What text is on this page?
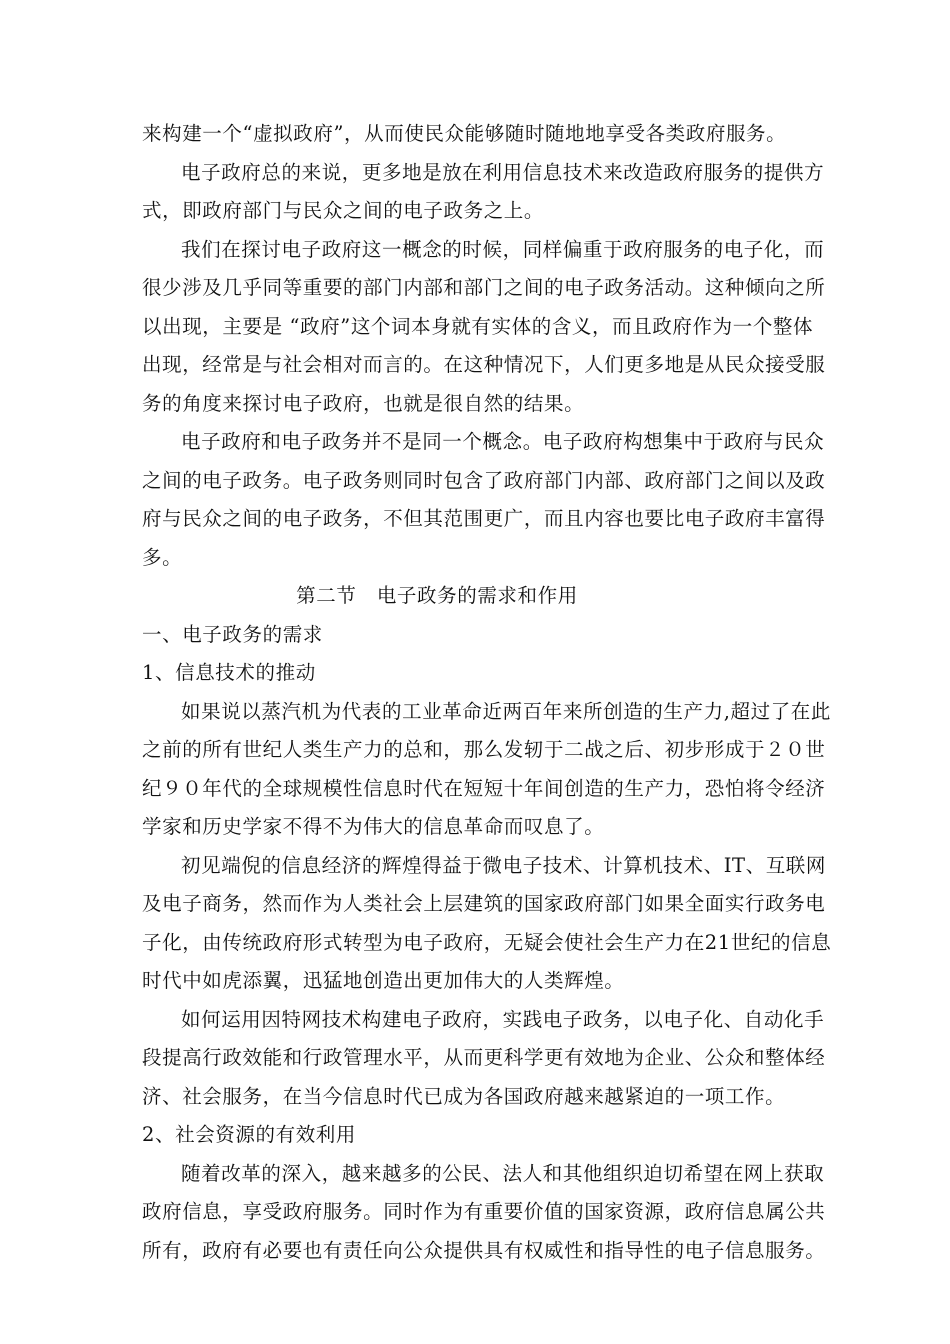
来构建一个“虚拟政府”，从而使民众能够随时随地地享受各类政府服务。
电子政府总的来说，更多地是放在利用信息技术来改造政府服务的提供方
式，即政府部门与民众之间的电子政务之上。
我们在探讨电子政府这一概念的时候，同样偏重于政府服务的电子化，而
很少涉及几乎同等重要的部门内部和部门之间的电子政务活动。这种倾向之所
以出现，主要是 “政府”这个词本身就有实体的含义，而且政府作为一个整体
出现，经常是与社会相对而言的。在这种情况下，人们更多地是从民众接受服
务的角度来探讨电子政府，也就是很自然的结果。
电子政府和电子政务并不是同一个概念。电子政府构想集中于政府与民众
之间的电子政务。电子政务则同时包含了政府部门内部、政府部门之间以及政
府与民众之间的电子政务，不但其范围更广，而且内容也要比电子政府丰富得
多。
第二节   电子政务的需求和作用
一、电子政务的需求
1、信息技术的推动
如果说以蒸汽机为代表的工业革命近两百年来所创造的生产力,超过了在此
之前的所有世纪人类生产力的总和，那么发轫于二战之后、初步形成于２０世
纪９０年代的全球规模性信息时代在短短十年间创造的生产力，恐怕将令经济
学家和历史学家不得不为伟大的信息革命而叹息了。
初见端倪的信息经济的辉煌得益于微电子技术、计算机技术、IT、互联网
及电子商务，然而作为人类社会上层建筑的国家政府部门如果全面实行政务电
子化，由传统政府形式转型为电子政府，无疑会使社会生产力在21世纪的信息
时代中如虎添翼，迅猛地创造出更加伟大的人类辉煌。
如何运用因特网技术构建电子政府，实践电子政务，以电子化、自动化手
段提高行政效能和行政管理水平，从而更科学更有效地为企业、公众和整体经
济、社会服务，在当今信息时代已成为各国政府越来越紧迫的一项工作。
2、社会资源的有效利用
随着改革的深入，越来越多的公民、法人和其他组织迫切希望在网上获取
政府信息，享受政府服务。同时作为有重要价值的国家资源，政府信息属公共
所有，政府有必要也有责任向公众提供具有权威性和指导性的电子信息服务。
